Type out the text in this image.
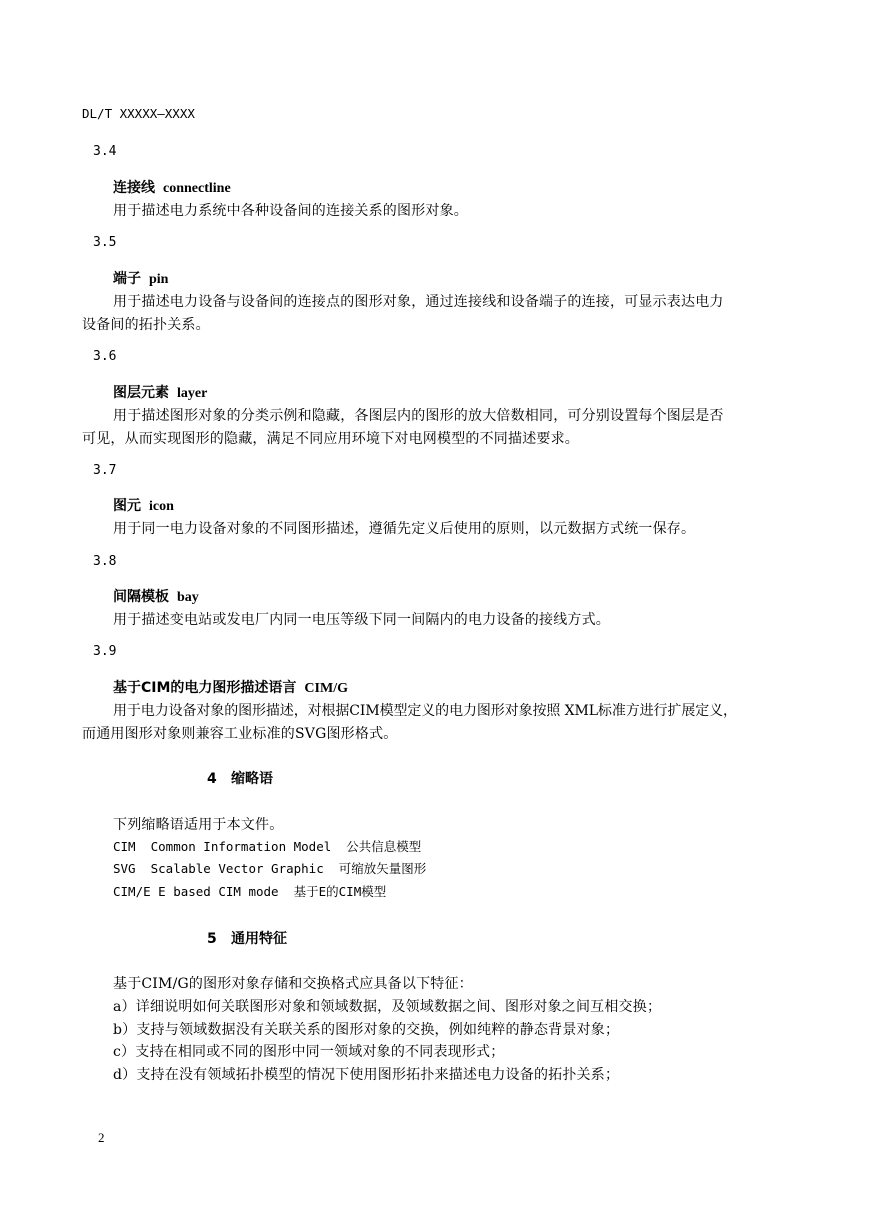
DL/T XXXXX—XXXX
3.4
连接线 connectline
用于描述电力系统中各种设备间的连接关系的图形对象。
3.5
端子 pin
用于描述电力设备与设备间的连接点的图形对象，通过连接线和设备端子的连接，可显示表达电力
设备间的拓扑关系。
3.6
图层元素 layer
用于描述图形对象的分类示例和隐藏，各图层内的图形的放大倍数相同，可分别设置每个图层是否
可见，从而实现图形的隐藏，满足不同应用环境下对电网模型的不同描述要求。
3.7
图元 icon
用于同一电力设备对象的不同图形描述，遵循先定义后使用的原则，以元数据方式统一保存。
3.8
间隔模板 bay
用于描述变电站或发电厂内同一电压等级下同一间隔内的电力设备的接线方式。
3.9
基于CIM的电力图形描述语言 CIM/G
用于电力设备对象的图形描述，对根据CIM模型定义的电力图形对象按照 XML标准方进行扩展定义，
而通用图形对象则兼容工业标准的SVG图形格式。
4 缩略语
下列缩略语适用于本文件。
CIM  Common Information Model  公共信息模型
SVG  Scalable Vector Graphic  可缩放矢量图形
CIM/E E based CIM mode  基于E的CIM模型
5 通用特征
基于CIM/G的图形对象存储和交换格式应具备以下特征：
a）详细说明如何关联图形对象和领域数据，及领域数据之间、图形对象之间互相交换；
b）支持与领域数据没有关联关系的图形对象的交换，例如纯粹的静态背景对象；
c）支持在相同或不同的图形中同一领域对象的不同表现形式；
d）支持在没有领域拓扑模型的情况下使用图形拓扑来描述电力设备的拓扑关系；
2
